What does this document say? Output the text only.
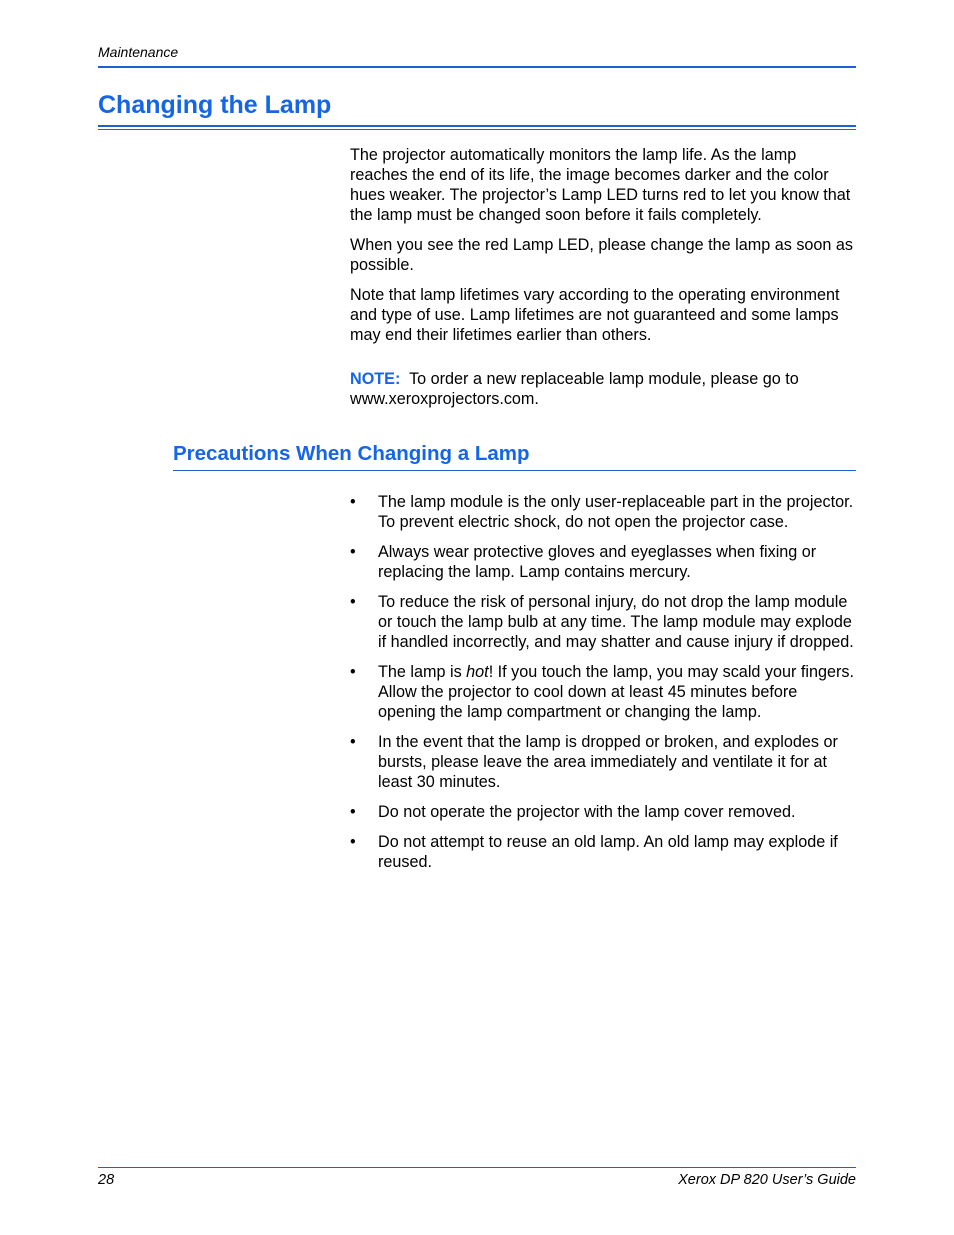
Maintenance
Changing the Lamp

The projector automatically monitors the lamp life. As the lamp reaches the end of its life, the image becomes darker and the color hues weaker. The projector’s Lamp LED turns red to let you know that the lamp must be changed soon before it fails completely.

When you see the red Lamp LED, please change the lamp as soon as possible.

Note that lamp lifetimes vary according to the operating environment and type of use. Lamp lifetimes are not guaranteed and some lamps may end their lifetimes earlier than others.

NOTE: To order a new replaceable lamp module, please go to www.xeroxprojectors.com.

Precautions When Changing a Lamp
• The lamp module is the only user-replaceable part in the projector. To prevent electric shock, do not open the projector case.
• Always wear protective gloves and eyeglasses when fixing or replacing the lamp. Lamp contains mercury.
• To reduce the risk of personal injury, do not drop the lamp module or touch the lamp bulb at any time. The lamp module may explode if handled incorrectly, and may shatter and cause injury if dropped.
• The lamp is hot! If you touch the lamp, you may scald your fingers. Allow the projector to cool down at least 45 minutes before opening the lamp compartment or changing the lamp.
• In the event that the lamp is dropped or broken, and explodes or bursts, please leave the area immediately and ventilate it for at least 30 minutes.
• Do not operate the projector with the lamp cover removed.
• Do not attempt to reuse an old lamp. An old lamp may explode if reused.
28	Xerox DP 820 User’s Guide
